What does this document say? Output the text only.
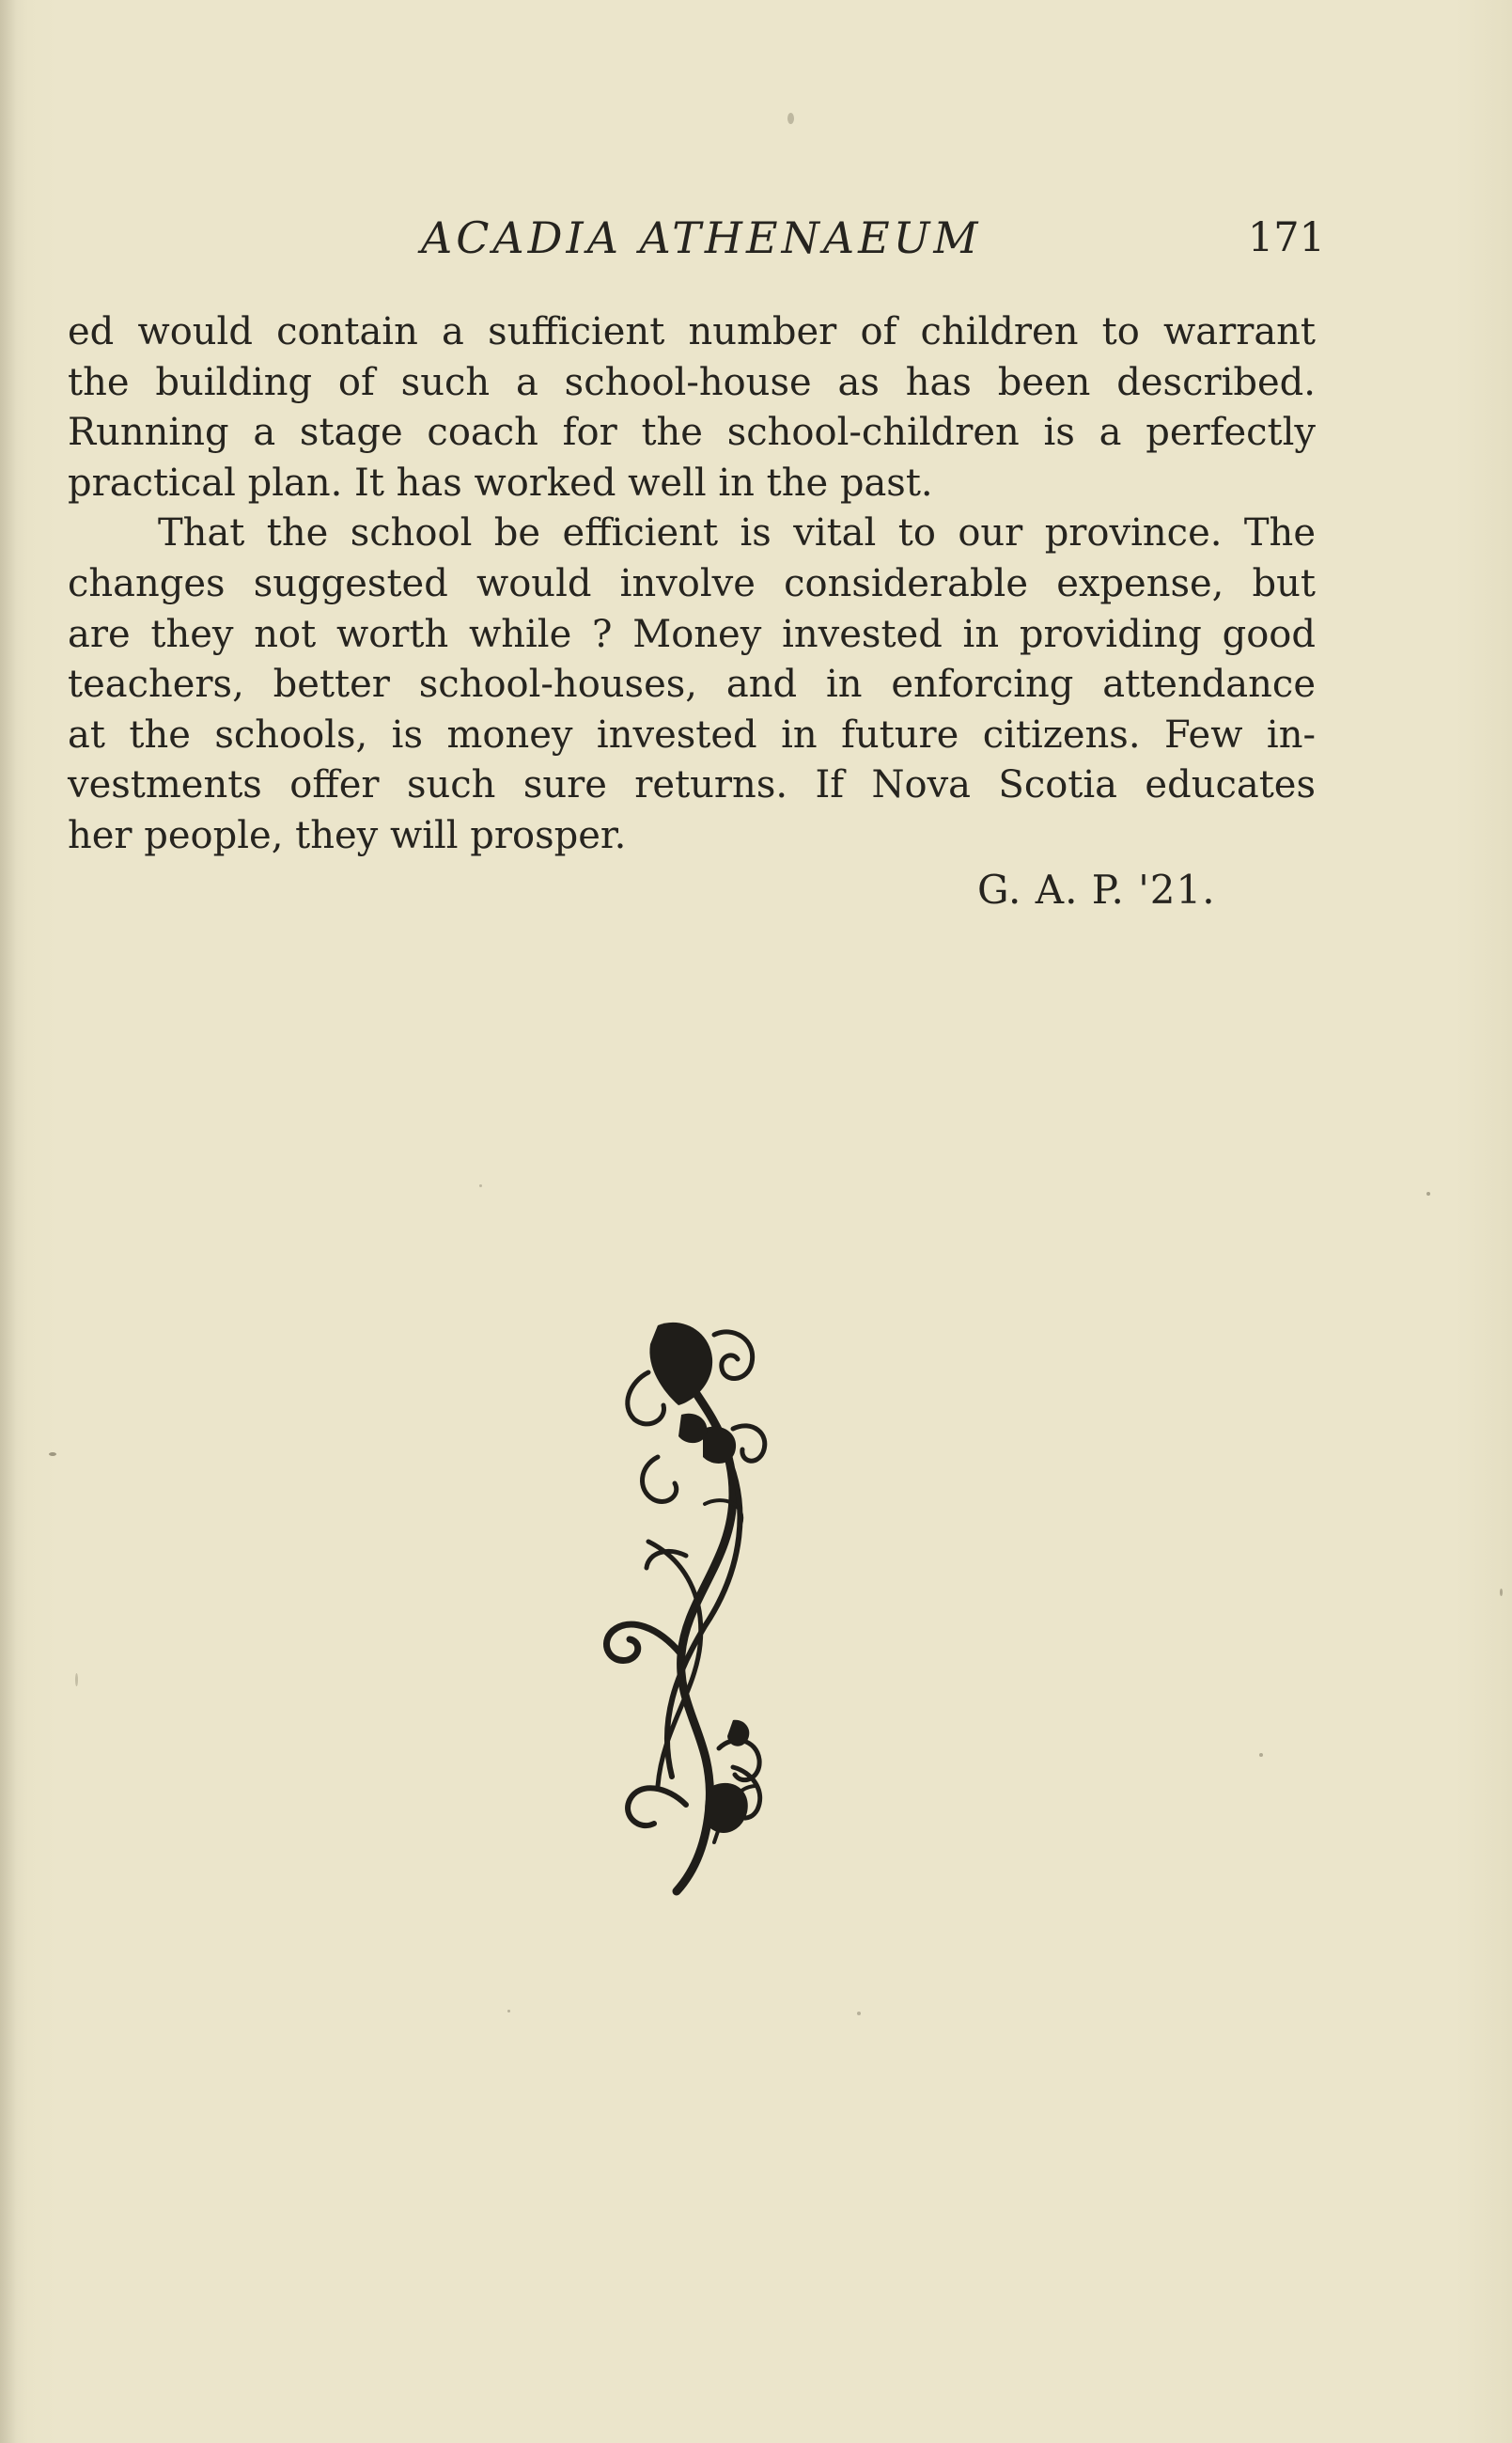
ACADIA ATHENAEUM	171
ed would contain a sufficient number of children to warrant
the building of such a school-house as has been described.
Running a stage coach for the school-children is a perfectly
practical plan. It has worked well in the past.
That the school be efficient is vital to our province. The
changes suggested would involve considerable expense, but
are they not worth while ? Money invested in providing good
teachers, better school-houses, and in enforcing attendance
at the schools, is money invested in future citizens. Few in-
vestments offer such sure returns. If Nova Scotia educates
her people, they will prosper.
G. A. P. '21.
